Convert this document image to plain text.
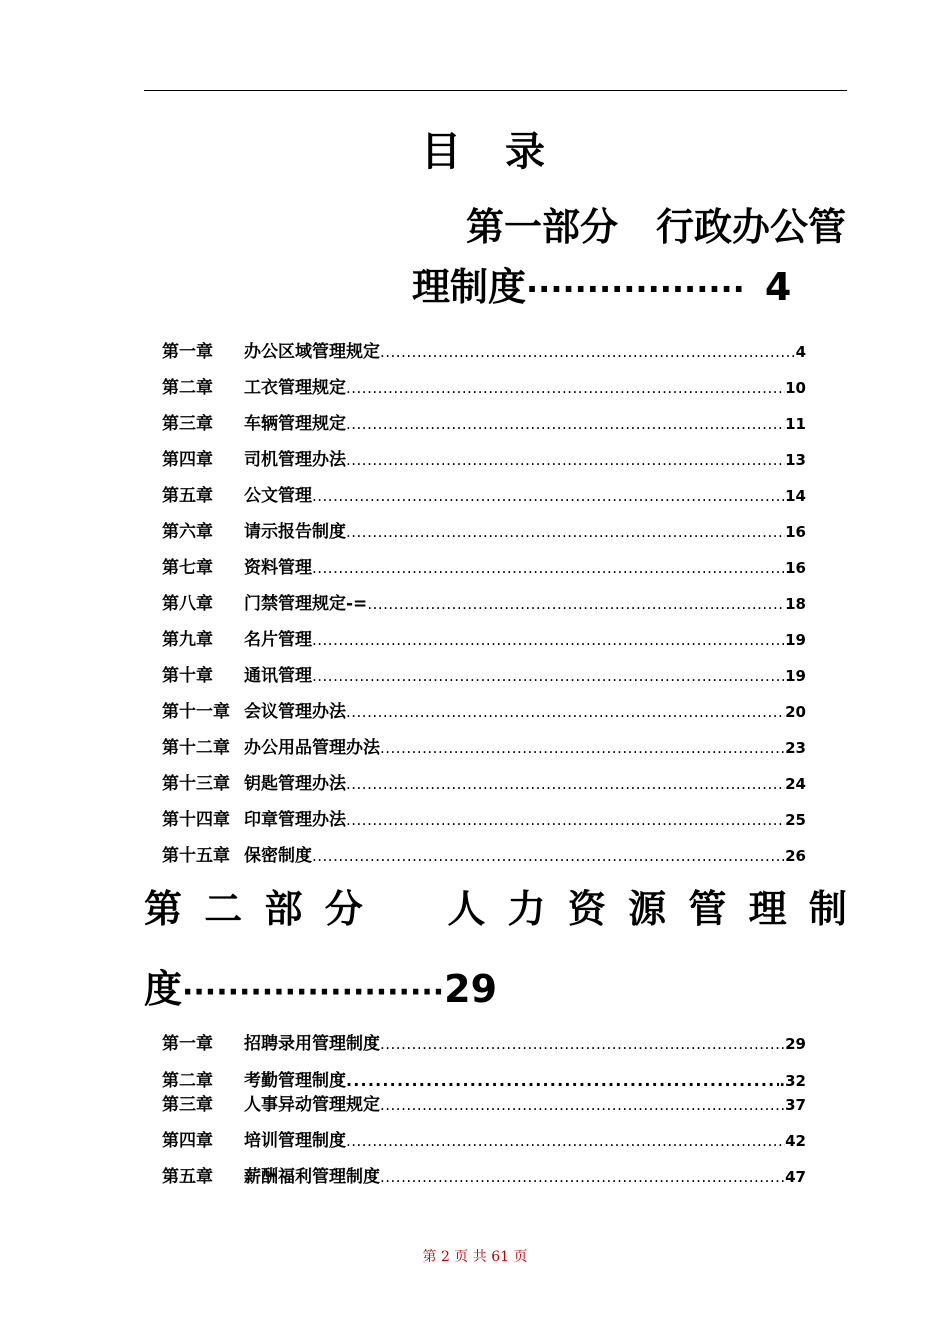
目录
第一部分　行政办公管
理制度 ·················· 4
第一章	办公区域管理规定 .....	4
第二章	工衣管理规定 .....	10
第三章	车辆管理规定 .....	11
第四章	司机管理办法 .....	13
第五章	公文管理 .....	14
第六章	请示报告制度 .....	16
第七章	资料管理 .....	16
第八章	门禁管理规定-= .....	18
第九章	名片管理 .....	19
第十章	通讯管理 .....	19
第十一章 会议管理办法 .....	20
第十二章 办公用品管理办法 .....	23
第十三章 钥匙管理办法 .....	24
第十四章 印章管理办法 .....	25
第十五章 保密制度 .....	26
第 二 部 分 人 力 资 源 管 理 制
度 ······················· 29
第一章	招聘录用管理制度 .....	29
第二章	考勤管理制度 .....	.32
第三章	人事异动管理规定 .....	37
第四章	培训管理制度 .....	42
第五章	薪酬福利管理制度 .....	47
第 2 页 共 61 页
